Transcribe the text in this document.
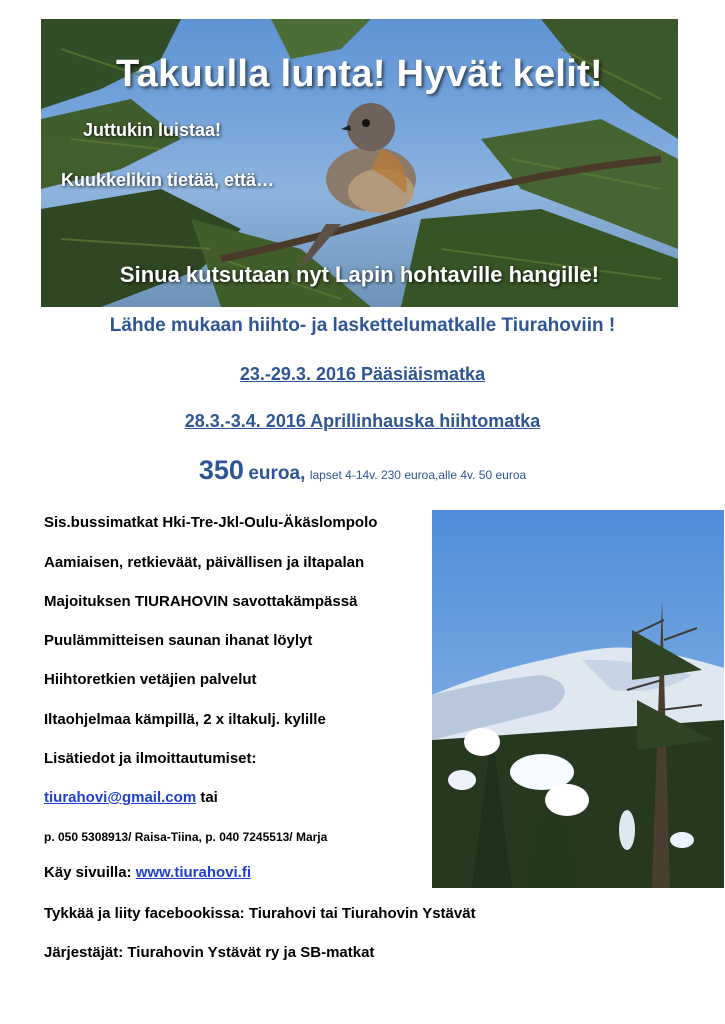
Takuulla lunta! Hyvät kelit!
Juttukin luistaa!
Kuukkelikin tietää, että…
Sinua kutsutaan nyt Lapin hohtaville hangille!
Lähde mukaan hiihto- ja laskettelumatkalle Tiurahoviin !
23.-29.3. 2016 Pääsiäismatka
28.3.-3.4. 2016 Aprillinhauska hiihtomatka
350 euroa, lapset 4-14v. 230 euroa,alle 4v. 50 euroa
Sis.bussimatkat Hki-Tre-Jkl-Oulu-Äkäslompolo
Aamiaisen, retkieväät, päivällisen ja iltapalan
Majoituksen TIURAHOVIN savottakämpässä
Puulämmitteisen saunan ihanat löylyt
Hiihtoretkien vetäjien palvelut
Iltaohjelmaa kämpillä, 2 x iltakulj. kylille
Lisätiedot ja ilmoittautumiset:
tiurahovi@gmail.com tai
p. 050 5308913/ Raisa-Tiina, p. 040 7245513/ Marja
Käy sivuilla: www.tiurahovi.fi
Tykkää ja liity facebookissa: Tiurahovi tai Tiurahovin Ystävät
Järjestäjät: Tiurahovin Ystävät ry ja SB-matkat
